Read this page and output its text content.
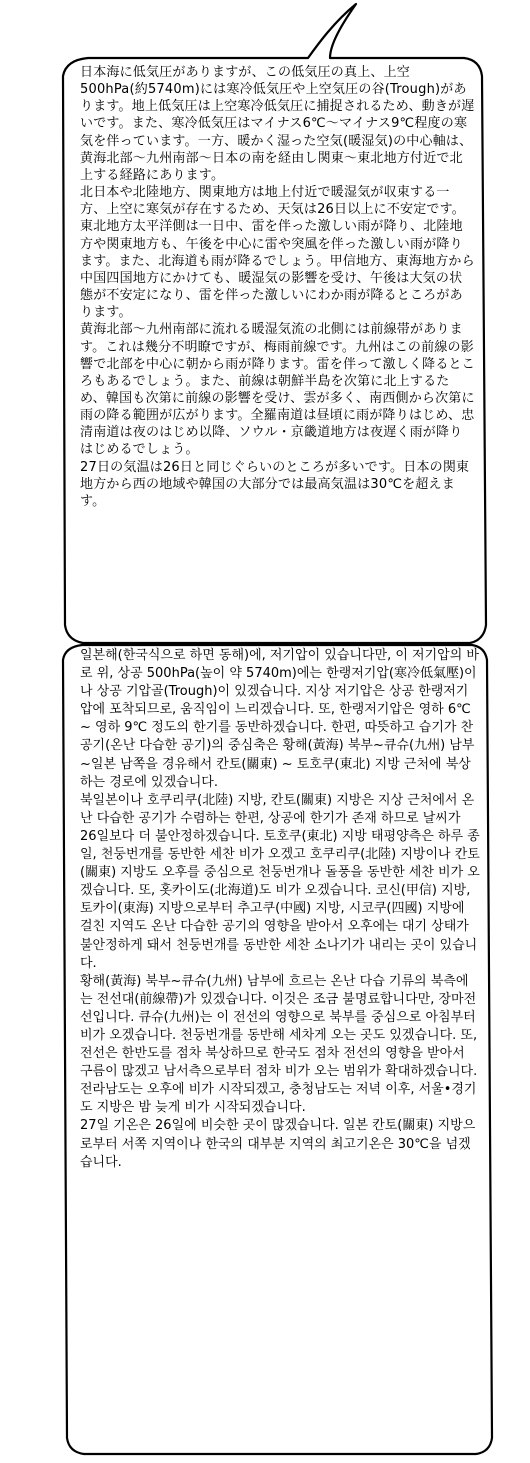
日本海に低気圧がありますが、この低気圧の真上、上空500hPa(約5740m)には寒冷低気圧や上空気圧の谷(Trough)があります。地上低気圧は上空寒冷低気圧に捕捉されるため、動きが遅いです。また、寒冷低気圧はマイナス6℃～マイナス9℃程度の寒気を伴っています。一方、暖かく湿った空気(暖湿気)の中心軸は、黄海北部～九州南部～日本の南を経由し関東～東北地方付近で北上する経路にあります。
北日本や北陸地方、関東地方は地上付近で暖湿気が収束する一方、上空に寒気が存在するため、天気は26日以上に不安定です。東北地方太平洋側は一日中、雷を伴った激しい雨が降り、北陸地方や関東地方も、午後を中心に雷や突風を伴った激しい雨が降ります。また、北海道も雨が降るでしょう。甲信地方、東海地方から中国四国地方にかけても、暖湿気の影響を受け、午後は大気の状態が不安定になり、雷を伴った激しいにわか雨が降るところがあります。
黄海北部～九州南部に流れる暖湿気流の北側には前線帯があります。これは幾分不明瞭ですが、梅雨前線です。九州はこの前線の影響で北部を中心に朝から雨が降ります。雷を伴って激しく降るところもあるでしょう。また、前線は朝鮮半島を次第に北上するため、韓国も次第に前線の影響を受け、雲が多く、南西側から次第に雨の降る範囲が広がります。全羅南道は昼頃に雨が降りはじめ、忠清南道は夜のはじめ以降、ソウル・京畿道地方は夜遅く雨が降りはじめるでしょう。
27日の気温は26日と同じぐらいのところが多いです。日本の関東地方から西の地域や韓国の大部分では最高気温は30℃を超えます。
일본해(한국식으로 하면 동해)에, 저기압이 있습니다만, 이 저기압의 바로 위, 상공 500hPa(높이 약 5740m)에는 한랭저기압(寒冷低氣壓)이나 상공 기압골(Trough)이 있겠습니다. 지상 저기압은 상공 한랭저기압에 포착되므로, 움직임이 느리겠습니다. 또, 한랭저기압은 영하 6℃ ~ 영하 9℃ 정도의 한기를 동반하겠습니다. 한편, 따뜻하고 습기가 찬 공기(온난 다습한 공기)의 중심축은 황해(黃海) 북부~큐슈(九州) 남부~일본 남쪽을 경유해서 칸토(關東) ~ 토호쿠(東北) 지방 근처에 북상하는 경로에 있겠습니다.
북일본이나 호쿠리쿠(北陸) 지방, 칸토(關東) 지방은 지상 근처에서 온난 다습한 공기가 수렴하는 한편, 상공에 한기가 존재 하므로 날씨가 26일보다 더 불안정하겠습니다. 토호쿠(東北) 지방 태평양측은 하루 종일, 천둥번개를 동반한 세찬 비가 오겠고 호쿠리쿠(北陸) 지방이나 칸토(關東) 지방도 오후를 중심으로 천둥번개나 돌풍을 동반한 세찬 비가 오겠습니다. 또, 홋카이도(北海道)도 비가 오겠습니다. 코신(甲信) 지방, 토카이(東海) 지방으로부터 추고쿠(中國) 지방, 시코쿠(四國) 지방에 걸친 지역도 온난 다습한 공기의 영향을 받아서 오후에는 대기 상태가 불안정하게 돼서 천둥번개를 동반한 세찬 소나기가 내리는 곳이 있습니다.
황해(黃海) 북부~큐슈(九州) 남부에 흐르는 온난 다습 기류의 북측에는 전선대(前線帶)가 있겠습니다. 이것은 조금 불명료합니다만, 장마전선입니다. 큐슈(九州)는 이 전선의 영향으로 북부를 중심으로 아침부터 비가 오겠습니다. 천둥번개를 동반해 세차게 오는 곳도 있겠습니다. 또, 전선은 한반도를 점차 북상하므로 한국도 점차 전선의 영향을 받아서 구름이 많겠고 남서측으로부터 점차 비가 오는 범위가 확대하겠습니다. 전라남도는 오후에 비가 시작되겠고, 충청남도는 저녁 이후, 서울•경기도 지방은 밤 늦게 비가 시작되겠습니다.
27일 기온은 26일에 비슷한 곳이 많겠습니다. 일본 칸토(關東) 지방으로부터 서쪽 지역이나 한국의 대부분 지역의 최고기온은 30℃을 넘겠습니다.
